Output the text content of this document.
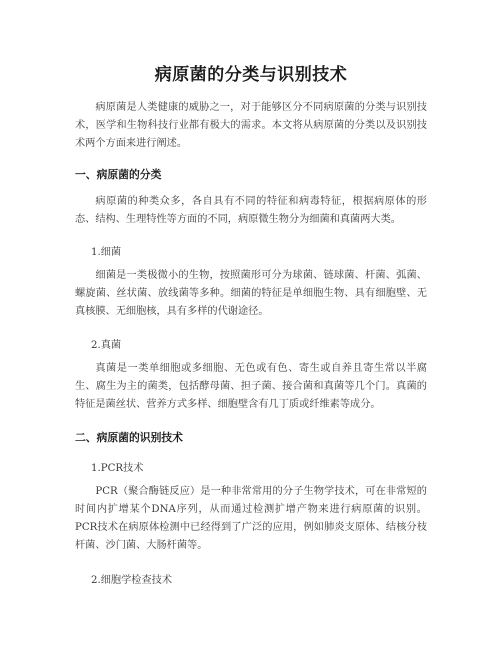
病原菌的分类与识别技术

病原菌是人类健康的威胁之一，对于能够区分不同病原菌的分类与识别技术，医学和生物科技行业都有极大的需求。本文将从病原菌的分类以及识别技术两个方面来进行阐述。

一、病原菌的分类

病原菌的种类众多，各自具有不同的特征和病毒特征，根据病原体的形态、结构、生理特性等方面的不同，病原微生物分为细菌和真菌两大类。

1.细菌

细菌是一类极微小的生物，按照菌形可分为球菌、链球菌、杆菌、弧菌、螺旋菌、丝状菌、放线菌等多种。细菌的特征是单细胞生物、具有细胞壁、无真核膜、无细胞核，具有多样的代谢途径。

2.真菌

真菌是一类单细胞或多细胞、无色或有色、寄生或自养且寄生常以半腐生、腐生为主的菌类，包括酵母菌、担子菌、接合菌和真菌等几个门。真菌的特征是菌丝状、营养方式多样、细胞壁含有几丁质或纤维素等成分。

二、病原菌的识别技术
1.PCR技术

PCR（聚合酶链反应）是一种非常常用的分子生物学技术，可在非常短的时间内扩增某个DNA序列，从而通过检测扩增产物来进行病原菌的识别。PCR技术在病原体检测中已经得到了广泛的应用，例如肺炎支原体、结核分枝杆菌、沙门菌、大肠杆菌等。

2.细胞学检查技术
